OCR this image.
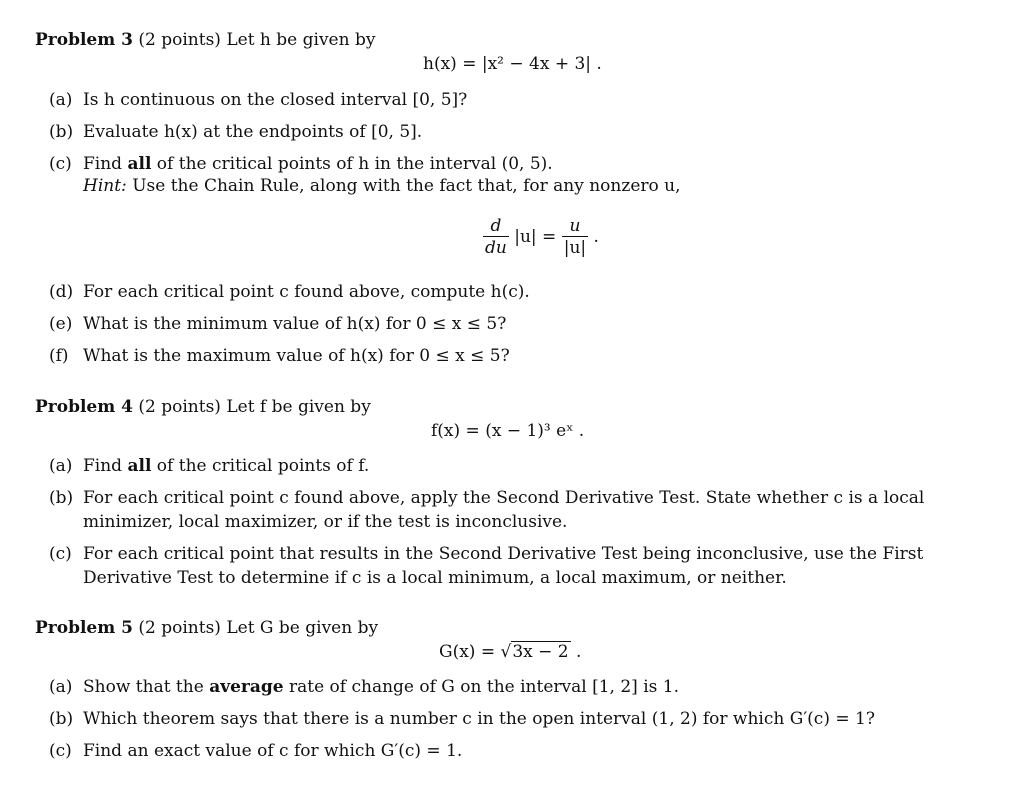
Problem 3 (2 points) Let h be given by
h(x) = |x² − 4x + 3| .
(a) Is h continuous on the closed interval [0, 5]?
(b) Evaluate h(x) at the endpoints of [0, 5].
(c) Find all of the critical points of h in the interval (0, 5).
Hint: Use the Chain Rule, along with the fact that, for any nonzero u,
$\frac{d}{du} |u| = \frac{u}{|u|}$ .
(d) For each critical point c found above, compute h(c).
(e) What is the minimum value of h(x) for 0 ≤ x ≤ 5?
(f) What is the maximum value of h(x) for 0 ≤ x ≤ 5?
Problem 4 (2 points) Let f be given by
f(x) = (x − 1)³ eˣ .
(a) Find all of the critical points of f.
(b) For each critical point c found above, apply the Second Derivative Test. State whether c is a local minimizer, local maximizer, or if the test is inconclusive.
(c) For each critical point that results in the Second Derivative Test being inconclusive, use the First Derivative Test to determine if c is a local minimum, a local maximum, or neither.
Problem 5 (2 points) Let G be given by
G(x) = √3x − 2 .
(a) Show that the average rate of change of G on the interval [1, 2] is 1.
(b) Which theorem says that there is a number c in the open interval (1, 2) for which G′(c) = 1?
(c) Find an exact value of c for which G′(c) = 1.
